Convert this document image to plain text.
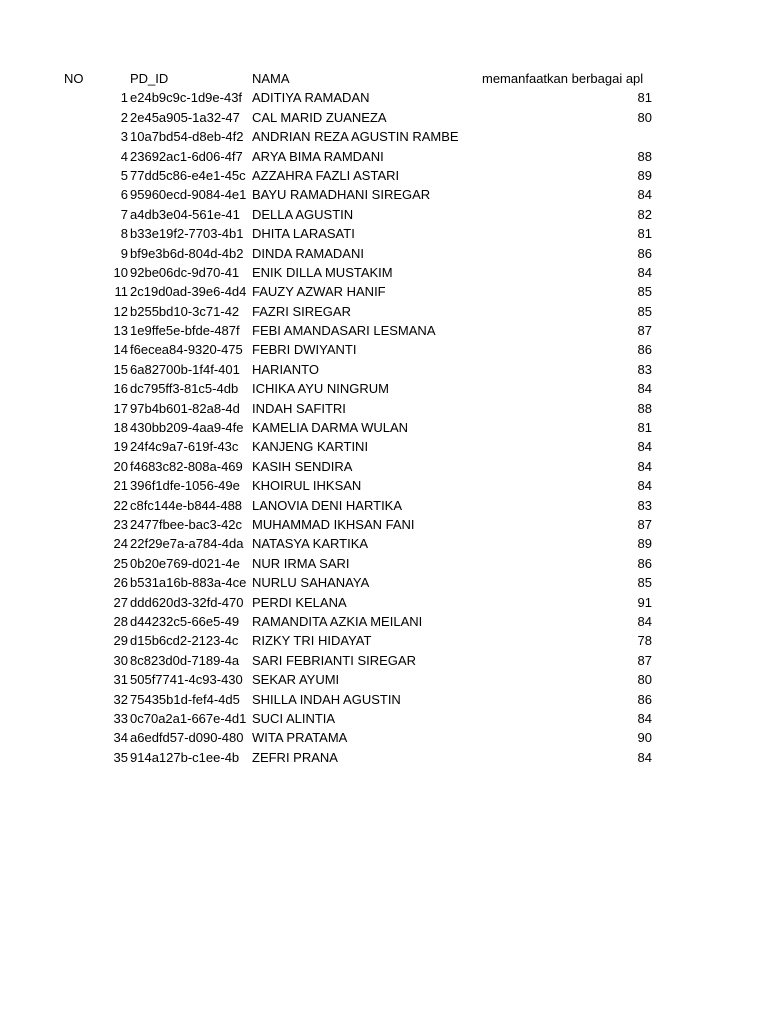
NO	PD_ID	NAMA	memanfaatkan berbagai apl
1 e24b9c9c-1d9e-43f ADITIYA RAMADAN	81
2 2e45a905-1a32-47 CAL MARID ZUANEZA	80
3 10a7bd54-d8eb-4f2 ANDRIAN REZA AGUSTIN RAMBE
4 23692ac1-6d06-4f7 ARYA BIMA RAMDANI	88
5 77dd5c86-e4e1-45c AZZAHRA FAZLI ASTARI	89
6 95960ecd-9084-4e1 BAYU RAMADHANI SIREGAR	84
7 a4db3e04-561e-41 DELLA AGUSTIN	82
8 b33e19f2-7703-4b1 DHITA LARASATI	81
9 bf9e3b6d-804d-4b2 DINDA RAMADANI	86
10 92be06dc-9d70-41 ENIK DILLA MUSTAKIM	84
11 2c19d0ad-39e6-4d4 FAUZY AZWAR HANIF	85
12 b255bd10-3c71-42 FAZRI SIREGAR	85
13 1e9ffe5e-bfde-487f FEBI AMANDASARI LESMANA	87
14 f6ecea84-9320-475 FEBRI DWIYANTI	86
15 6a82700b-1f4f-401 HARIANTO	83
16 dc795ff3-81c5-4db	ICHIKA AYU NINGRUM	84
17 97b4b601-82a8-4d INDAH SAFITRI	88
18 430bb209-4aa9-4fe KAMELIA DARMA WULAN	81
19 24f4c9a7-619f-43c	KANJENG KARTINI	84
20 f4683c82-808a-469 KASIH SENDIRA	84
21 396f1dfe-1056-49e KHOIRUL IHKSAN	84
22 c8fc144e-b844-488 LANOVIA DENI HARTIKA	83
23 2477fbee-bac3-42c MUHAMMAD IKHSAN FANI	87
24 22f29e7a-a784-4da NATASYA KARTIKA	89
25 0b20e769-d021-4e NUR IRMA SARI	86
26 b531a16b-883a-4ce NURLU SAHANAYA	85
27 ddd620d3-32fd-470 PERDI KELANA	91
28 d44232c5-66e5-49 RAMANDITA AZKIA MEILANI	84
29 d15b6cd2-2123-4c	RIZKY TRI HIDAYAT	78
30 8c823d0d-7189-4a SARI FEBRIANTI SIREGAR	87
31 505f7741-4c93-430 SEKAR AYUMI	80
32 75435b1d-fef4-4d5 SHILLA INDAH AGUSTIN	86
33 0c70a2a1-667e-4d1 SUCI ALINTIA	84
34 a6edfd57-d090-480 WITA PRATAMA	90
35 914a127b-c1ee-4b ZEFRI PRANA	84
